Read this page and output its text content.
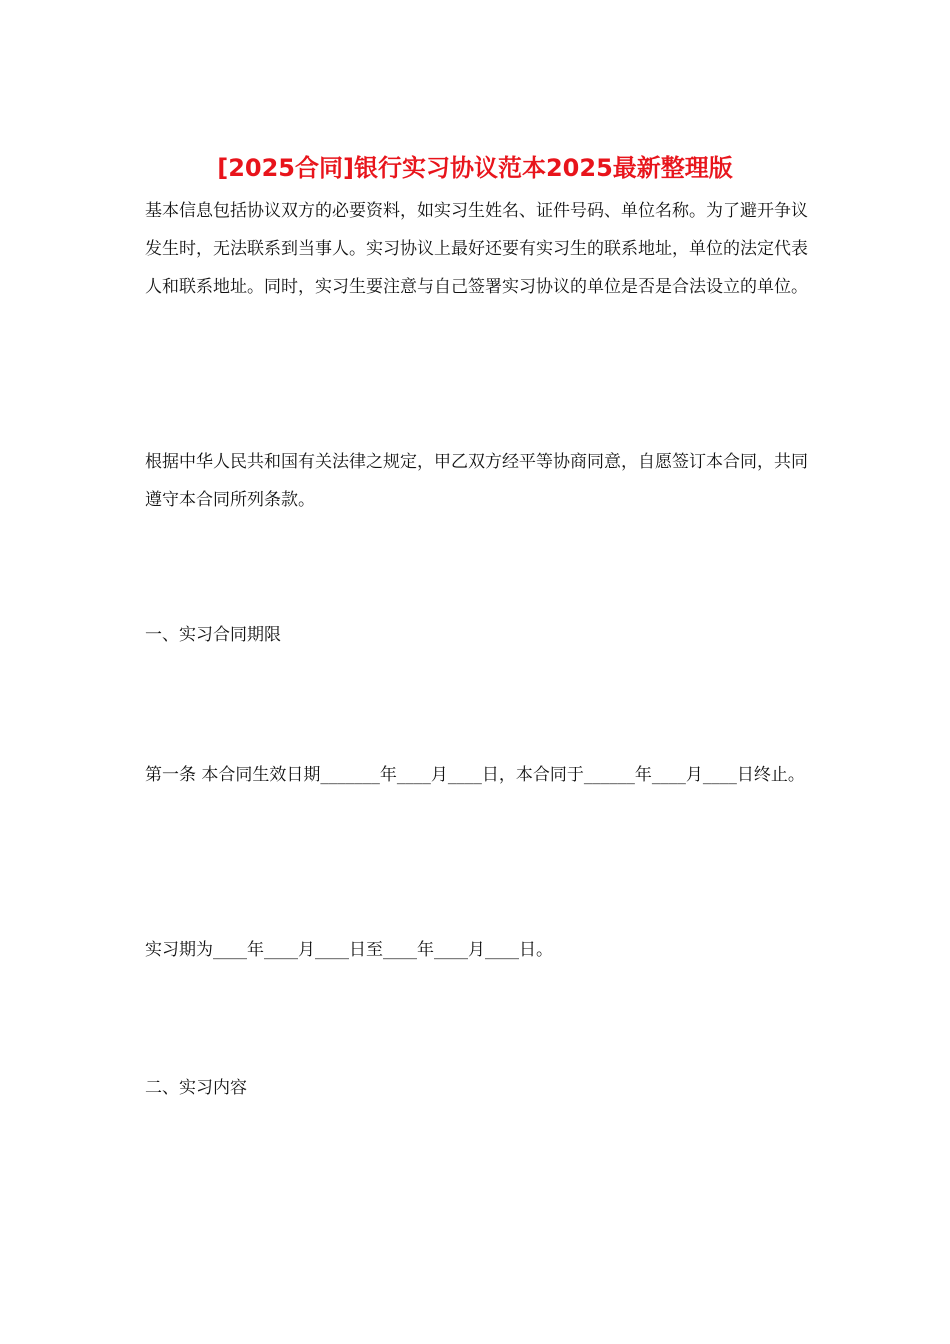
[2025合同]银行实习协议范本2025最新整理版

基本信息包括协议双方的必要资料，如实习生姓名、证件号码、单位名称。为了避开争议发生时，无法联系到当事人。实习协议上最好还要有实习生的联系地址，单位的法定代表人和联系地址。同时，实习生要注意与自己签署实习协议的单位是否是合法设立的单位。

根据中华人民共和国有关法律之规定，甲乙双方经平等协商同意，自愿签订本合同，共同遵守本合同所列条款。

一、实习合同期限

第一条 本合同生效日期_______年____月____日，本合同于______年____月____日终止。

实习期为____年____月____日至____年____月____日。

二、实习内容
